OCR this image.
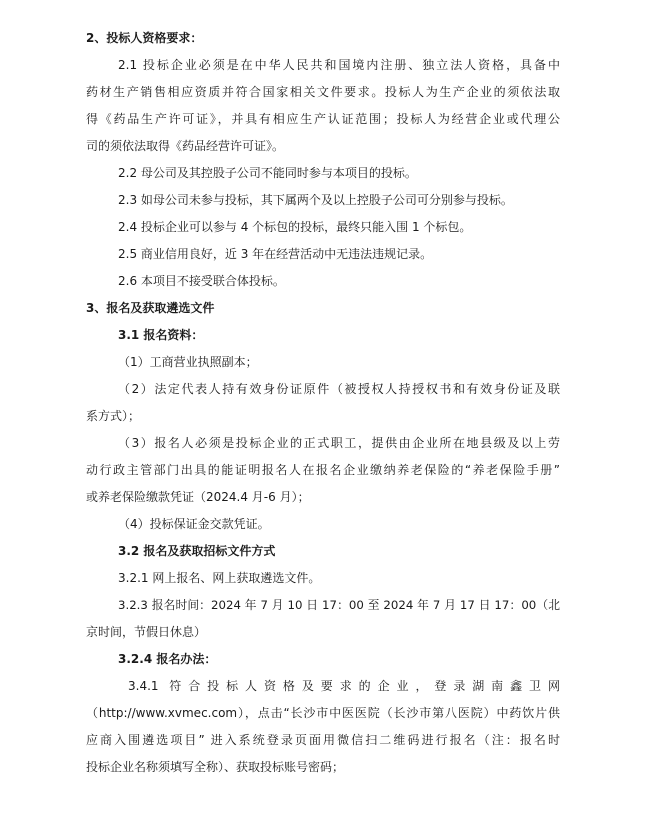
2、投标人资格要求：
2.1 投标企业必须是在中华人民共和国境内注册、独立法人资格，具备中
药材生产销售相应资质并符合国家相关文件要求。投标人为生产企业的须依法取
得《药品生产许可证》，并具有相应生产认证范围；投标人为经营企业或代理公
司的须依法取得《药品经营许可证》。
2.2 母公司及其控股子公司不能同时参与本项目的投标。
2.3 如母公司未参与投标，其下属两个及以上控股子公司可分别参与投标。
2.4 投标企业可以参与 4 个标包的投标，最终只能入围 1 个标包。
2.5 商业信用良好，近 3 年在经营活动中无违法违规记录。
2.6 本项目不接受联合体投标。
3、报名及获取遴选文件
3.1 报名资料：
（1）工商营业执照副本；
（2）法定代表人持有效身份证原件（被授权人持授权书和有效身份证及联
系方式）；
（3）报名人必须是投标企业的正式职工，提供由企业所在地县级及以上劳
动行政主管部门出具的能证明报名人在报名企业缴纳养老保险的“养老保险手册”
或养老保险缴款凭证（2024.4 月-6 月）；
（4）投标保证金交款凭证。
3.2 报名及获取招标文件方式
3.2.1 网上报名、网上获取遴选文件。
3.2.3 报名时间：2024 年 7 月 10 日 17：00 至 2024 年 7 月 17 日 17：00（北
京时间，节假日休息）
3.2.4 报名办法：
3.4.1 符合投标人资格及要求的企业，登录湖南鑫卫网
（http://www.xvmec.com），点击“长沙市中医医院（长沙市第八医院）中药饮片供
应商入围遴选项目” 进入系统登录页面用微信扫二维码进行报名（注：报名时
投标企业名称须填写全称）、获取投标账号密码；
